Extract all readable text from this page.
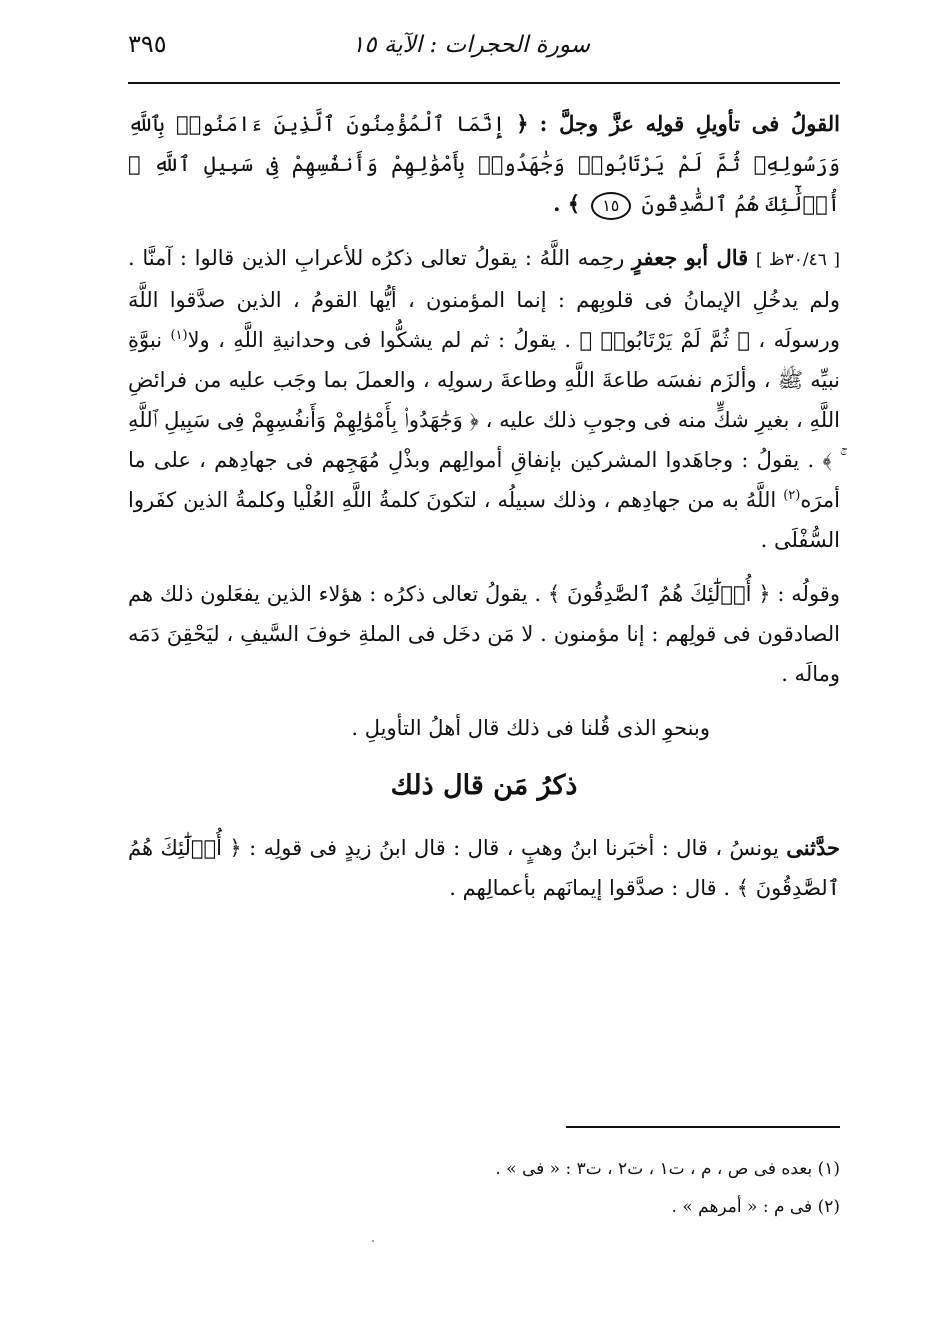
سورة الحجرات : الآية ١٥
٣٩٥

القولُ فى تأويلِ قولِه عزَّ وجلَّ : ﴿ إِنَّمَا ٱلْمُؤْمِنُونَ ٱلَّذِينَ ءَامَنُوا۟ بِٱللَّهِ وَرَسُولِهِۦ ثُمَّ لَمْ يَرْتَابُوا۟ وَجَٰهَدُوا۟ بِأَمْوَٰلِهِمْ وَأَنفُسِهِمْ فِى سَبِيلِ ٱللَّهِ ۚ أُو۟لَٰٓئِكَ هُمُ ٱلصَّٰدِقُونَ ١٥ ﴾ .

[ ٣٠/٤٦ظ ] قال أبو جعفرٍ رحِمه اللَّهُ : يقولُ تعالى ذكرُه للأعرابِ الذين قالوا : آمنَّا . ولم يدخُلِ الإيمانُ فى قلوبِهم : إنما المؤمنون ، أيُّها القومُ ، الذين صدَّقوا اللَّهَ ورسولَه ، ﴿ ثُمَّ لَمْ يَرْتَابُوا۟ ﴾ . يقولُ : ثم لم يشكُّوا فى وحدانيةِ اللَّهِ ، ولا$^{(١)}$ نبوَّةِ نبيِّه ﷺ ، وألزَم نفسَه طاعةَ اللَّهِ وطاعةَ رسولِه ، والعملَ بما وجَب عليه من فرائضِ اللَّهِ ، بغيرِ شكٍّ منه فى وجوبِ ذلك عليه ، ﴿ وَجَٰهَدُوا۟ بِأَمْوَٰلِهِمْ وَأَنفُسِهِمْ فِى سَبِيلِ ٱللَّهِ ۚ ﴾ . يقولُ : وجاهَدوا المشركين بإنفاقِ أموالِهم وبذْلِ مُهَجِهم فى جهادِهم ، على ما أمرَه$^{(٢)}$ اللَّهُ به من جهادِهم ، وذلك سبيلُه ، لتكونَ كلمةُ اللَّهِ العُلْيا وكلمةُ الذين كفَروا السُّفْلَى .

وقولُه : ﴿ أُو۟لَٰٓئِكَ هُمُ ٱلصَّٰدِقُونَ ﴾ . يقولُ تعالى ذكرُه : هؤلاء الذين يفعَلون ذلك هم الصادقون فى قولِهم : إنا مؤمنون . لا مَن دخَل فى الملةِ خوفَ السَّيفِ ، ليَحْقِنَ دَمَه ومالَه .

وبنحوِ الذى قُلنا فى ذلك قال أهلُ التأويلِ .

ذكرُ مَن قال ذلك

حدَّثنى يونسُ ، قال : أخبَرنا ابنُ وهبٍ ، قال : قال ابنُ زيدٍ فى قولِه : ﴿ أُو۟لَٰٓئِكَ هُمُ ٱلصَّٰدِقُونَ ﴾ . قال : صدَّقوا إيمانَهم بأعمالِهم .

(١) بعده فى ص ، م ، ت١ ، ت٢ ، ت٣ : « فى » .

(٢) فى م : « أمرهم » .
